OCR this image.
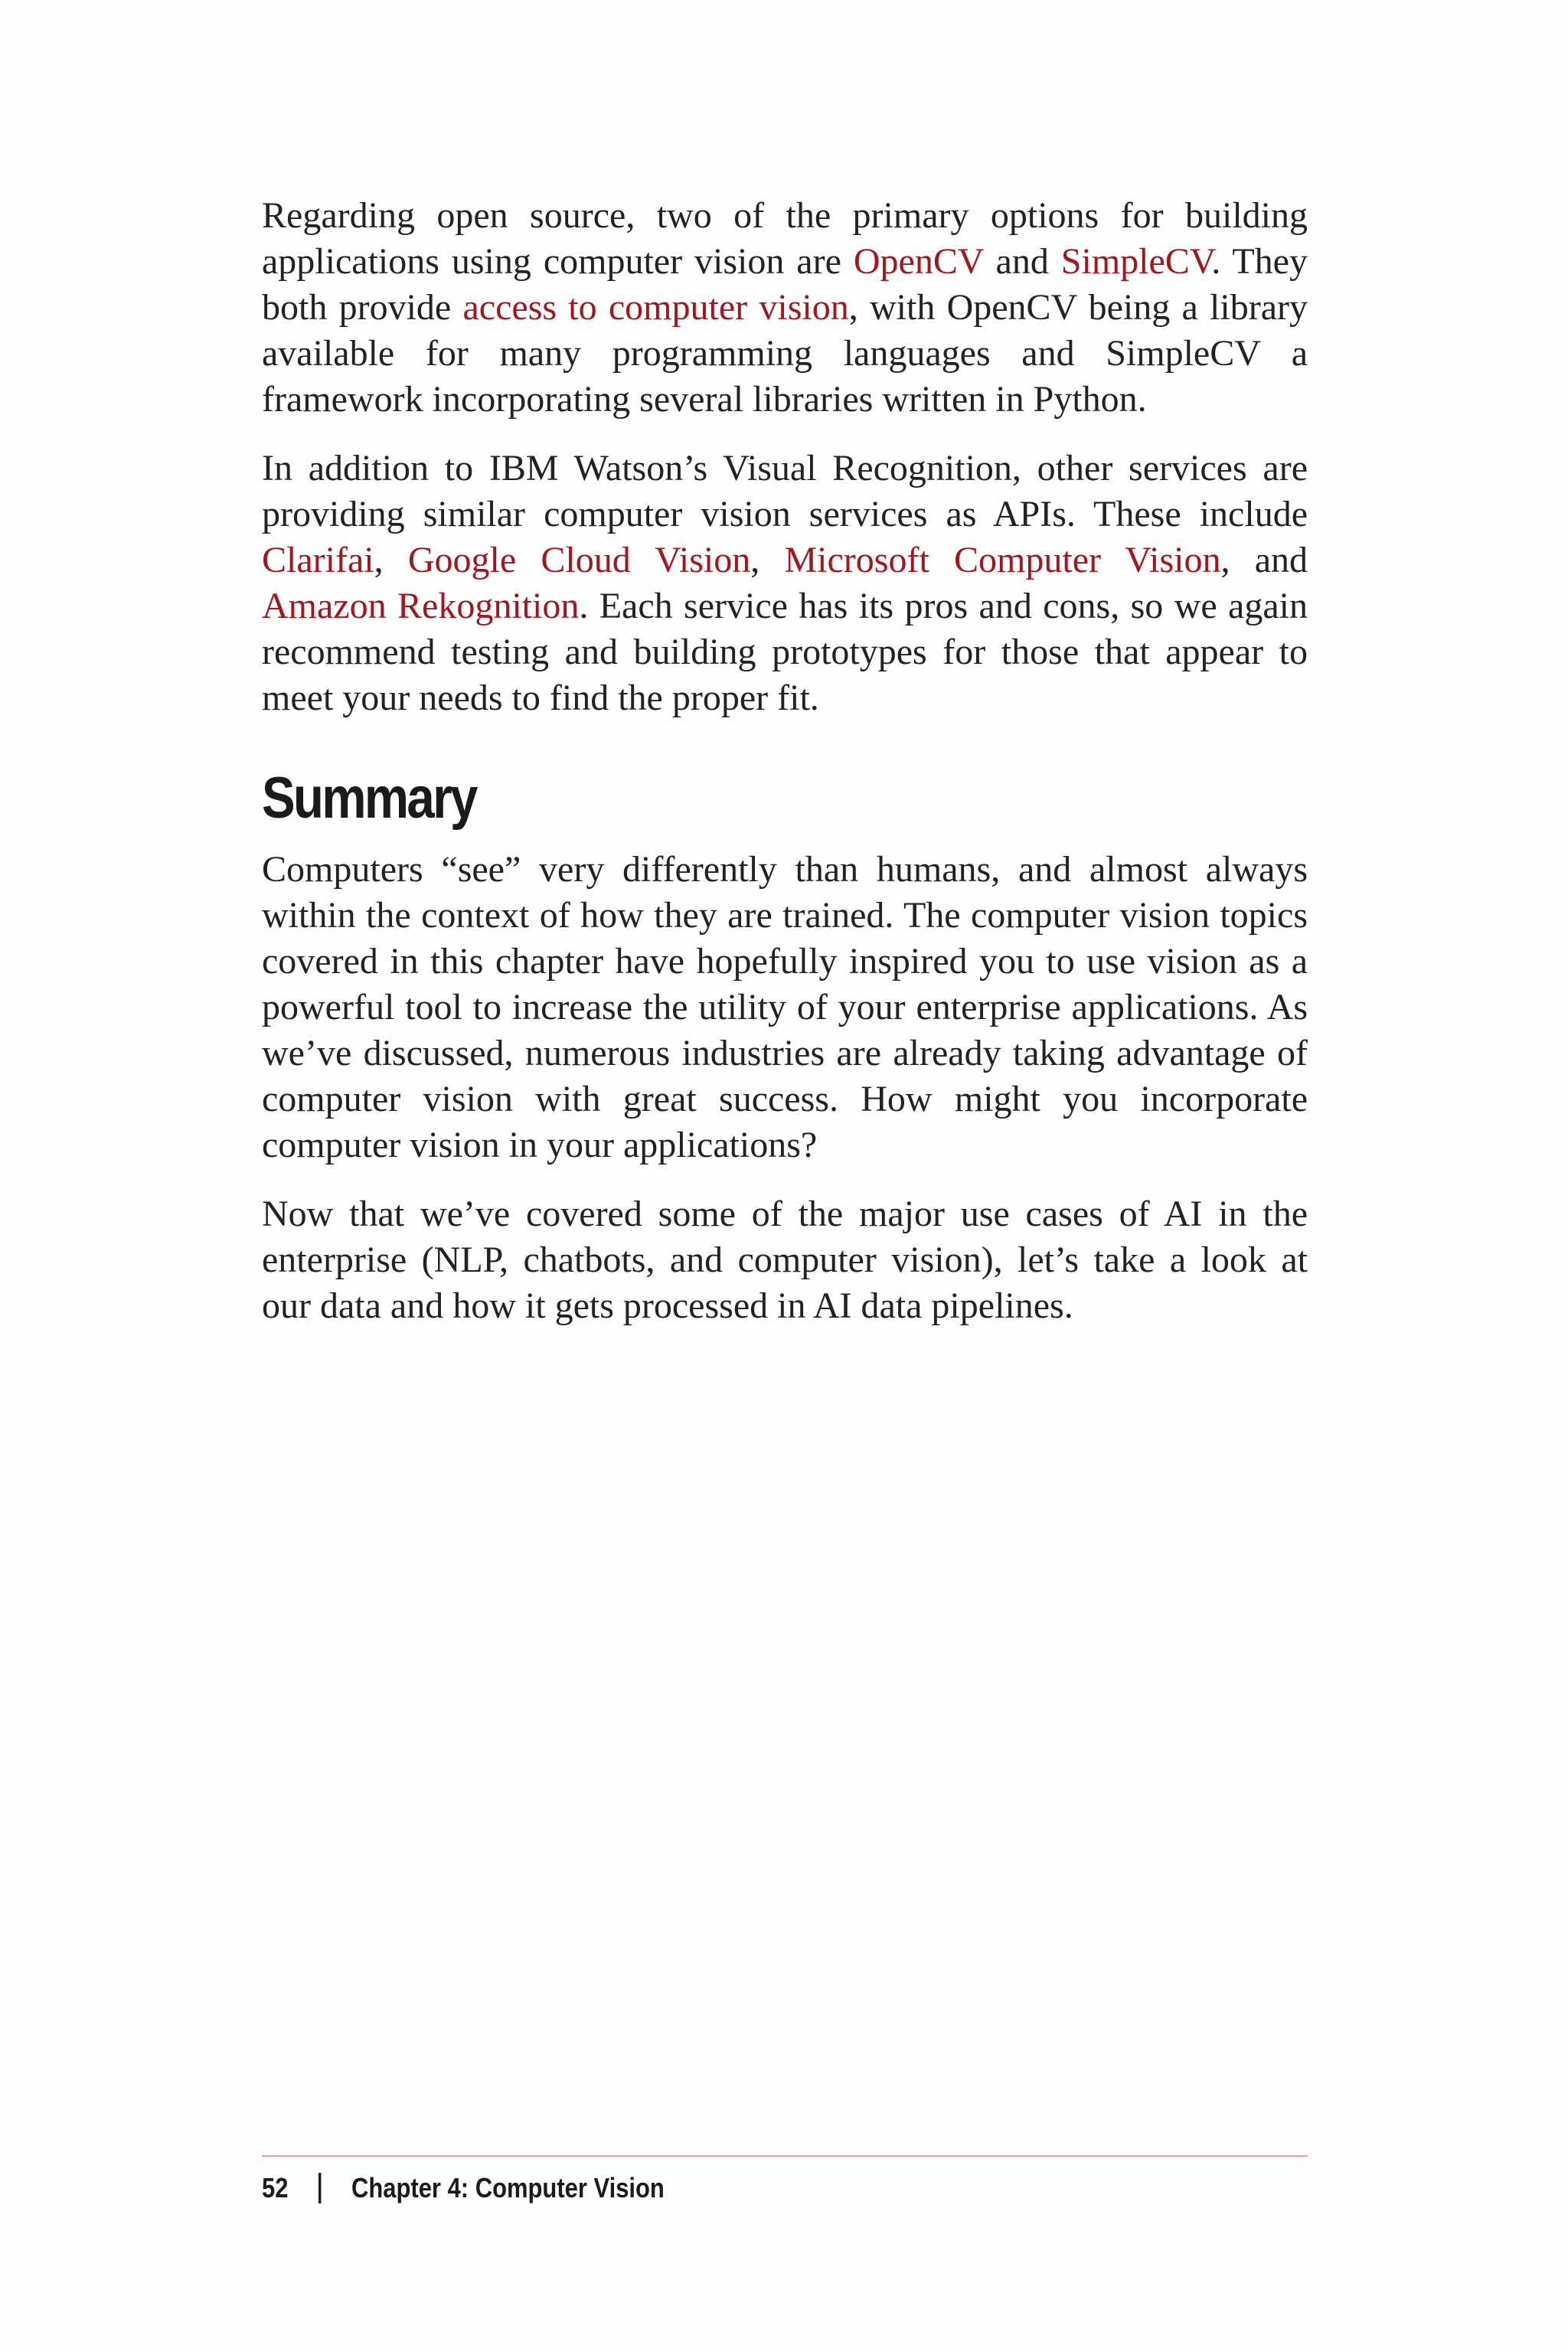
Regarding open source, two of the primary options for building applications using computer vision are OpenCV and SimpleCV. They both provide access to computer vision, with OpenCV being a library available for many programming languages and SimpleCV a framework incorporating several libraries written in Python.

In addition to IBM Watson’s Visual Recognition, other services are providing similar computer vision services as APIs. These include Clarifai, Google Cloud Vision, Microsoft Computer Vision, and Amazon Rekognition. Each service has its pros and cons, so we again recommend testing and building prototypes for those that appear to meet your needs to find the proper fit.

Summary

Computers “see” very differently than humans, and almost always within the context of how they are trained. The computer vision topics covered in this chapter have hopefully inspired you to use vision as a powerful tool to increase the utility of your enterprise applications. As we’ve discussed, numerous industries are already taking advantage of computer vision with great success. How might you incorporate computer vision in your applications?

Now that we’ve covered some of the major use cases of AI in the enterprise (NLP, chatbots, and computer vision), let’s take a look at our data and how it gets processed in AI data pipelines.

52 Chapter 4: Computer Vision
